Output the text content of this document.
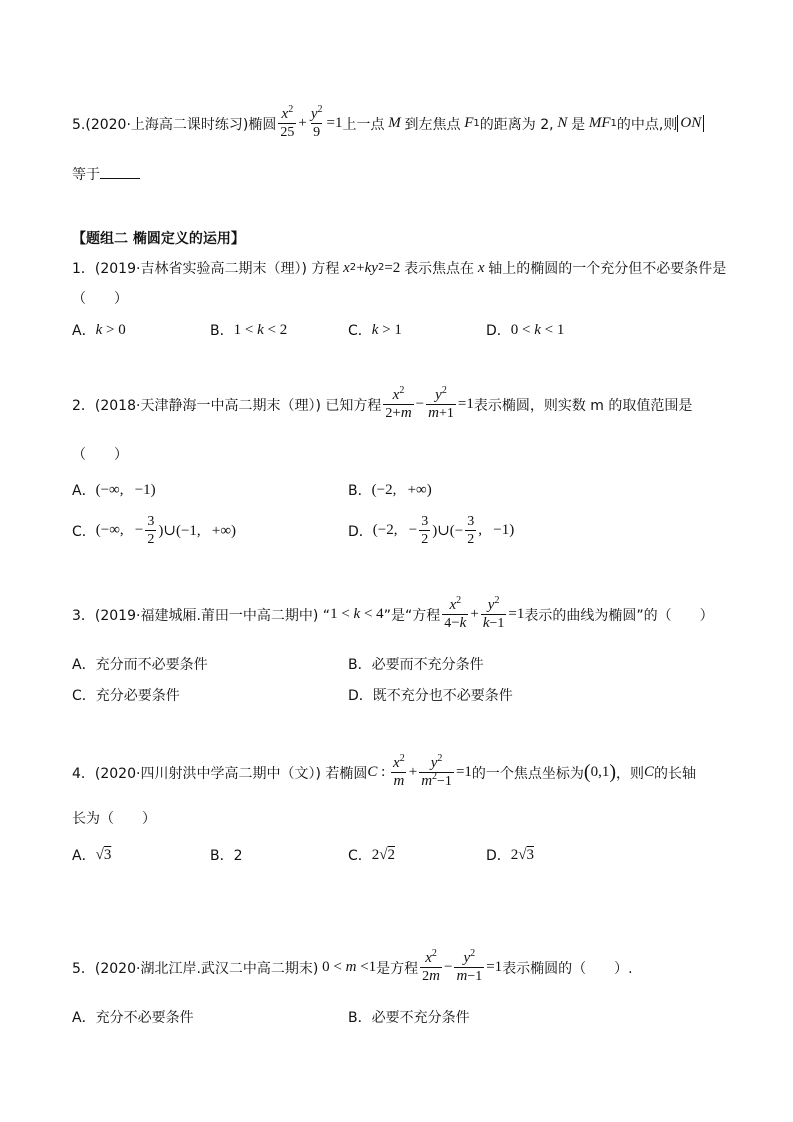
5.(2020·上海高二课时练习)椭圆 $\frac{x^2}{25} + \frac{y^2}{9} =1$ 上一点 M 到左焦点 F 1 的距离为 2, N 是 MF 1 的中点,则 ON
等于
【题组二 椭圆定义的运用】
1．(2019·吉林省实验高二期末（理）) 方程 x 2 + ky 2 =2 表示焦点在 x 轴上的椭圆的一个充分但不必要条件是
（　　）
A． k > 0	B． 1 < k < 2	C． k > 1	D． 0 < k < 1
2．(2018·天津静海一中高二期末（理）) 已知方程 $\frac{x^2}{2+m} - \frac{y^2}{m+1} =1$ 表示椭圆，则实数 m 的取值范围是
（　　）
A． (−∞,   −1)	B． (−2,   +∞)
C． (−∞,   − $\frac{3}{2}$ )∪(−1,   +∞)	D． (−2,   − $\frac{3}{2}$ )∪(− $\frac{3}{2}$ ,   −1)
3．(2019·福建城厢.莆田一中高二期中) “ 1 < k < 4 ”是“方程 $\frac{x^2}{4-k} + \frac{y^2}{k-1} =1$ 表示的曲线为椭圆”的（　　）
A．充分而不必要条件	B．必要而不充分条件
C．充分必要条件	D．既不充分也不必要条件
4．(2020·四川射洪中学高二期中（文）) 若椭圆 C : $\frac{x^2}{m} + \frac{y^2}{m^2-1} =1$ 的一个焦点坐标为 ( 0,1 ) ，则 C 的长轴
长为（　　）
A． √3	B．2	C． 2√2	D． 2√3
5．(2020·湖北江岸.武汉二中高二期末) 0 < m <1 是方程 $\frac{x^2}{2m} - \frac{y^2}{m-1} =1$ 表示椭圆的（　　）.
A．充分不必要条件	B．必要不充分条件
